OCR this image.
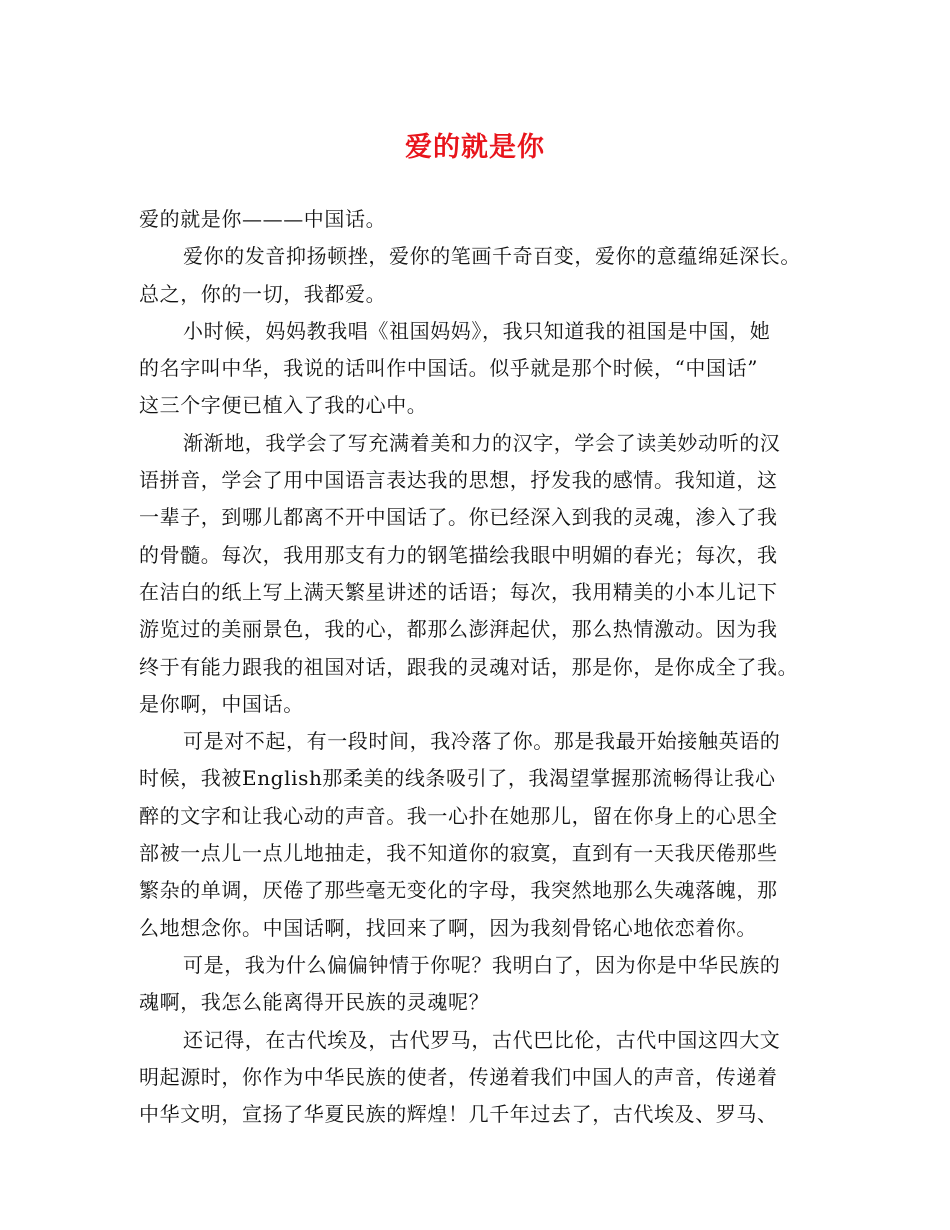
爱的就是你
爱的就是你———中国话。
爱你的发音抑扬顿挫，爱你的笔画千奇百变，爱你的意蕴绵延深长。
总之，你的一切，我都爱。
小时候，妈妈教我唱《祖国妈妈》，我只知道我的祖国是中国，她
的名字叫中华，我说的话叫作中国话。似乎就是那个时候，“中国话”
这三个字便已植入了我的心中。
渐渐地，我学会了写充满着美和力的汉字，学会了读美妙动听的汉
语拼音，学会了用中国语言表达我的思想，抒发我的感情。我知道，这
一辈子，到哪儿都离不开中国话了。你已经深入到我的灵魂，渗入了我
的骨髓。每次，我用那支有力的钢笔描绘我眼中明媚的春光；每次，我
在洁白的纸上写上满天繁星讲述的话语；每次，我用精美的小本儿记下
游览过的美丽景色，我的心，都那么澎湃起伏，那么热情激动。因为我
终于有能力跟我的祖国对话，跟我的灵魂对话，那是你，是你成全了我。
是你啊，中国话。
可是对不起，有一段时间，我冷落了你。那是我最开始接触英语的
时候，我被English那柔美的线条吸引了，我渴望掌握那流畅得让我心
醉的文字和让我心动的声音。我一心扑在她那儿，留在你身上的心思全
部被一点儿一点儿地抽走，我不知道你的寂寞，直到有一天我厌倦那些
繁杂的单调，厌倦了那些毫无变化的字母，我突然地那么失魂落魄，那
么地想念你。中国话啊，找回来了啊，因为我刻骨铭心地依恋着你。
可是，我为什么偏偏钟情于你呢？我明白了，因为你是中华民族的
魂啊，我怎么能离得开民族的灵魂呢？
还记得，在古代埃及，古代罗马，古代巴比伦，古代中国这四大文
明起源时，你作为中华民族的使者，传递着我们中国人的声音，传递着
中华文明，宣扬了华夏民族的辉煌！几千年过去了，古代埃及、罗马、
